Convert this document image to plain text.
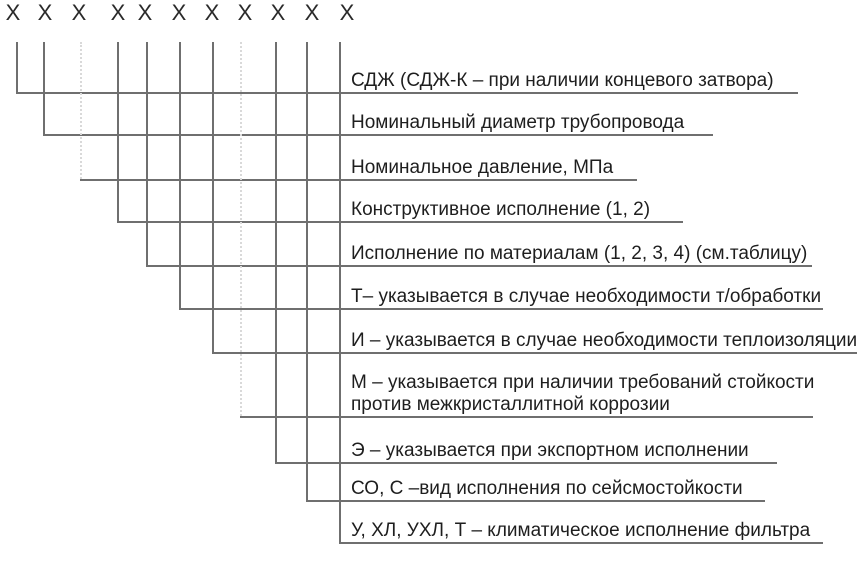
X X X X X X X X X X X
СДЖ (СДЖ-К – при наличии концевого затвора)
Номинальный диаметр трубопровода
Номинальное давление, МПа
Конструктивное исполнение (1, 2)
Исполнение по материалам (1, 2, 3, 4) (см.таблицу)
Т– указывается в случае необходимости т/обработки
И – указывается в случае необходимости теплоизоляции
М – указывается при наличии требований стойкости
против межкристаллитной коррозии
Э – указывается при экспортном исполнении
СО, С –вид исполнения по сейсмостойкости
У, ХЛ, УХЛ, Т – климатическое исполнение фильтра
